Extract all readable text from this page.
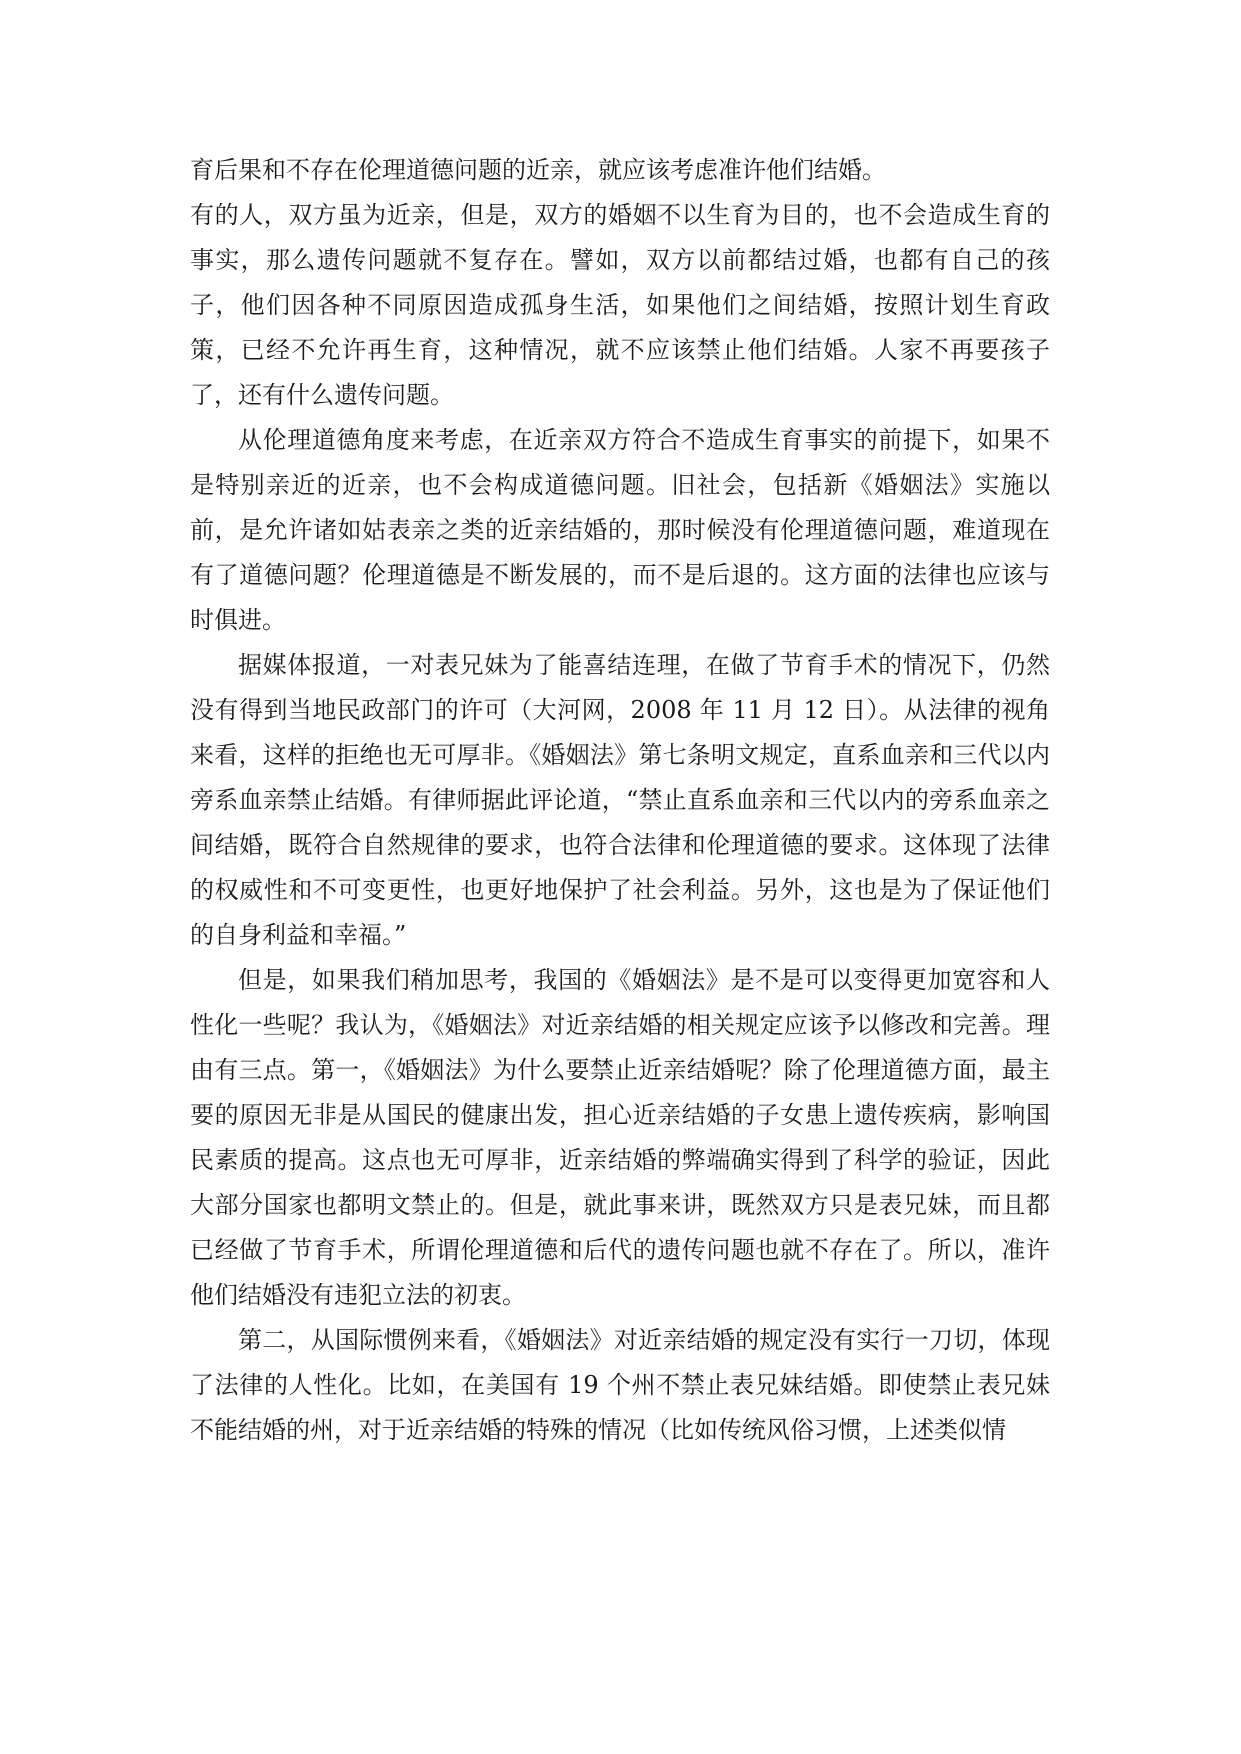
育后果和不存在伦理道德问题的近亲，就应该考虑准许他们结婚。

有的人，双方虽为近亲，但是，双方的婚姻不以生育为目的，也不会造成生育的事实，那么遗传问题就不复存在。譬如，双方以前都结过婚，也都有自己的孩子，他们因各种不同原因造成孤身生活，如果他们之间结婚，按照计划生育政策，已经不允许再生育，这种情况，就不应该禁止他们结婚。人家不再要孩子了，还有什么遗传问题。

从伦理道德角度来考虑，在近亲双方符合不造成生育事实的前提下，如果不是特别亲近的近亲，也不会构成道德问题。旧社会，包括新《婚姻法》实施以前，是允许诸如姑表亲之类的近亲结婚的，那时候没有伦理道德问题，难道现在有了道德问题？伦理道德是不断发展的，而不是后退的。这方面的法律也应该与时俱进。

据媒体报道，一对表兄妹为了能喜结连理，在做了节育手术的情况下，仍然没有得到当地民政部门的许可（大河网，2008 年 11 月 12 日）。从法律的视角来看，这样的拒绝也无可厚非。《婚姻法》第七条明文规定，直系血亲和三代以内旁系血亲禁止结婚。有律师据此评论道，“禁止直系血亲和三代以内的旁系血亲之间结婚，既符合自然规律的要求，也符合法律和伦理道德的要求。这体现了法律的权威性和不可变更性，也更好地保护了社会利益。另外，这也是为了保证他们的自身利益和幸福。”

但是，如果我们稍加思考，我国的《婚姻法》是不是可以变得更加宽容和人性化一些呢？我认为，《婚姻法》对近亲结婚的相关规定应该予以修改和完善。理由有三点。第一，《婚姻法》为什么要禁止近亲结婚呢？除了伦理道德方面，最主要的原因无非是从国民的健康出发，担心近亲结婚的子女患上遗传疾病，影响国民素质的提高。这点也无可厚非，近亲结婚的弊端确实得到了科学的验证，因此大部分国家也都明文禁止的。但是，就此事来讲，既然双方只是表兄妹，而且都已经做了节育手术，所谓伦理道德和后代的遗传问题也就不存在了。所以，准许他们结婚没有违犯立法的初衷。

第二，从国际惯例来看，《婚姻法》对近亲结婚的规定没有实行一刀切，体现了法律的人性化。比如，在美国有 19 个州不禁止表兄妹结婚。即使禁止表兄妹不能结婚的州，对于近亲结婚的特殊的情况（比如传统风俗习惯，上述类似情
